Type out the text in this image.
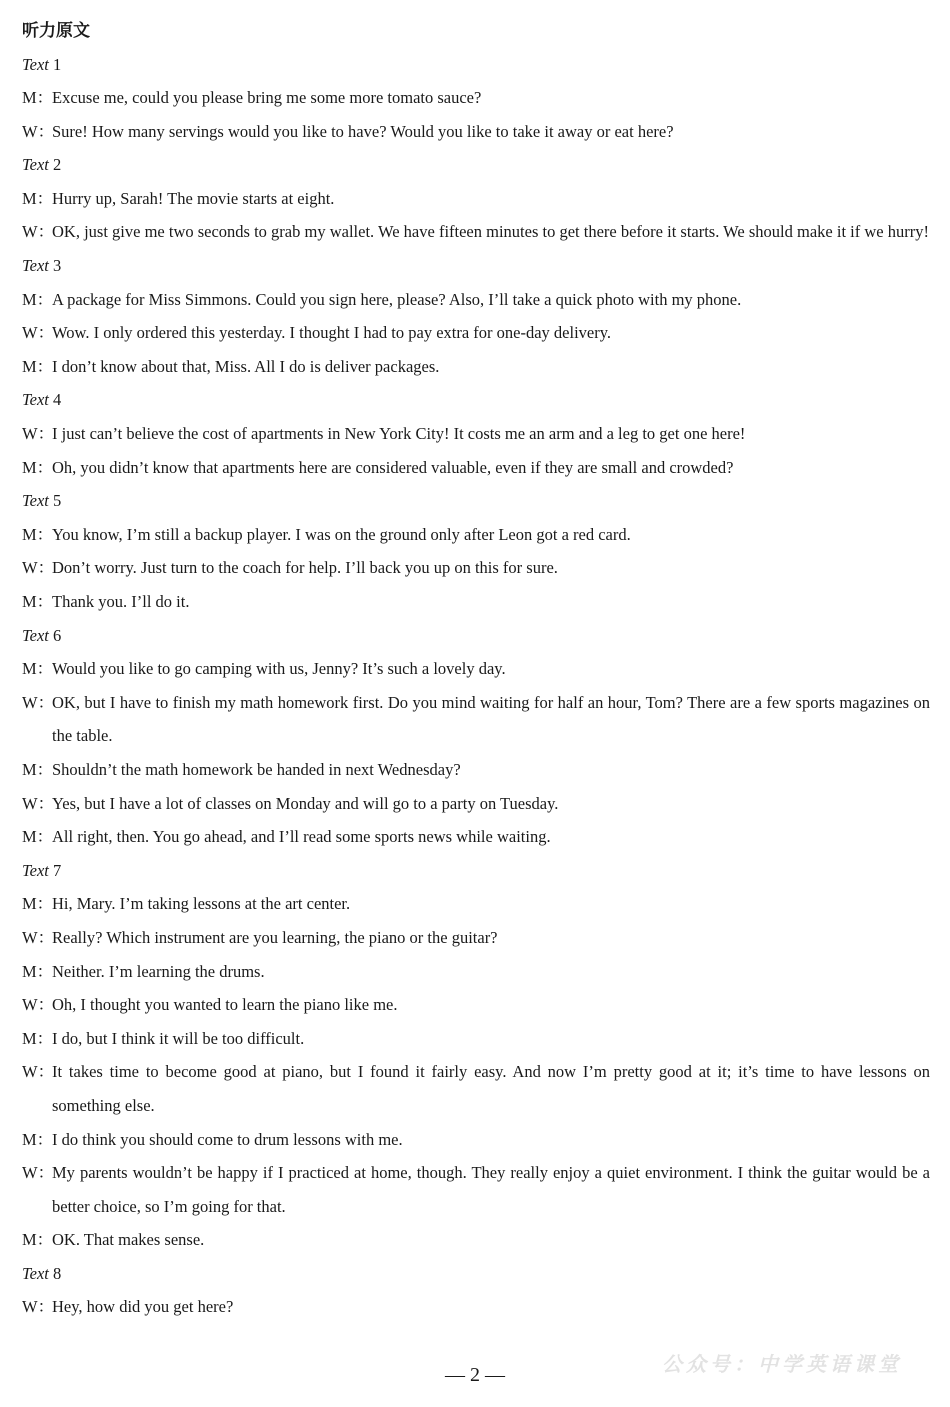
听力原文
Text 1
M：Excuse me, could you please bring me some more tomato sauce?
W：Sure! How many servings would you like to have? Would you like to take it away or eat here?
Text 2
M：Hurry up, Sarah! The movie starts at eight.
W：OK, just give me two seconds to grab my wallet. We have fifteen minutes to get there before it starts. We should make it if we hurry!
Text 3
M：A package for Miss Simmons. Could you sign here, please? Also, I’ll take a quick photo with my phone.
W：Wow. I only ordered this yesterday. I thought I had to pay extra for one-day delivery.
M：I don’t know about that, Miss. All I do is deliver packages.
Text 4
W：I just can’t believe the cost of apartments in New York City! It costs me an arm and a leg to get one here!
M：Oh, you didn’t know that apartments here are considered valuable, even if they are small and crowded?
Text 5
M：You know, I’m still a backup player. I was on the ground only after Leon got a red card.
W：Don’t worry. Just turn to the coach for help. I’ll back you up on this for sure.
M：Thank you. I’ll do it.
Text 6
M：Would you like to go camping with us, Jenny? It’s such a lovely day.
W：OK, but I have to finish my math homework first. Do you mind waiting for half an hour, Tom? There are a few sports magazines on the table.
M：Shouldn’t the math homework be handed in next Wednesday?
W：Yes, but I have a lot of classes on Monday and will go to a party on Tuesday.
M：All right, then. You go ahead, and I’ll read some sports news while waiting.
Text 7
M：Hi, Mary. I’m taking lessons at the art center.
W：Really? Which instrument are you learning, the piano or the guitar?
M：Neither. I’m learning the drums.
W：Oh, I thought you wanted to learn the piano like me.
M：I do, but I think it will be too difficult.
W：It takes time to become good at piano, but I found it fairly easy. And now I’m pretty good at it; it’s time to have lessons on something else.
M：I do think you should come to drum lessons with me.
W：My parents wouldn’t be happy if I practiced at home, though. They really enjoy a quiet environment. I think the guitar would be a better choice, so I’m going for that.
M：OK. That makes sense.
Text 8
W：Hey, how did you get here?
— 2 —	公众号：中学英语课堂
